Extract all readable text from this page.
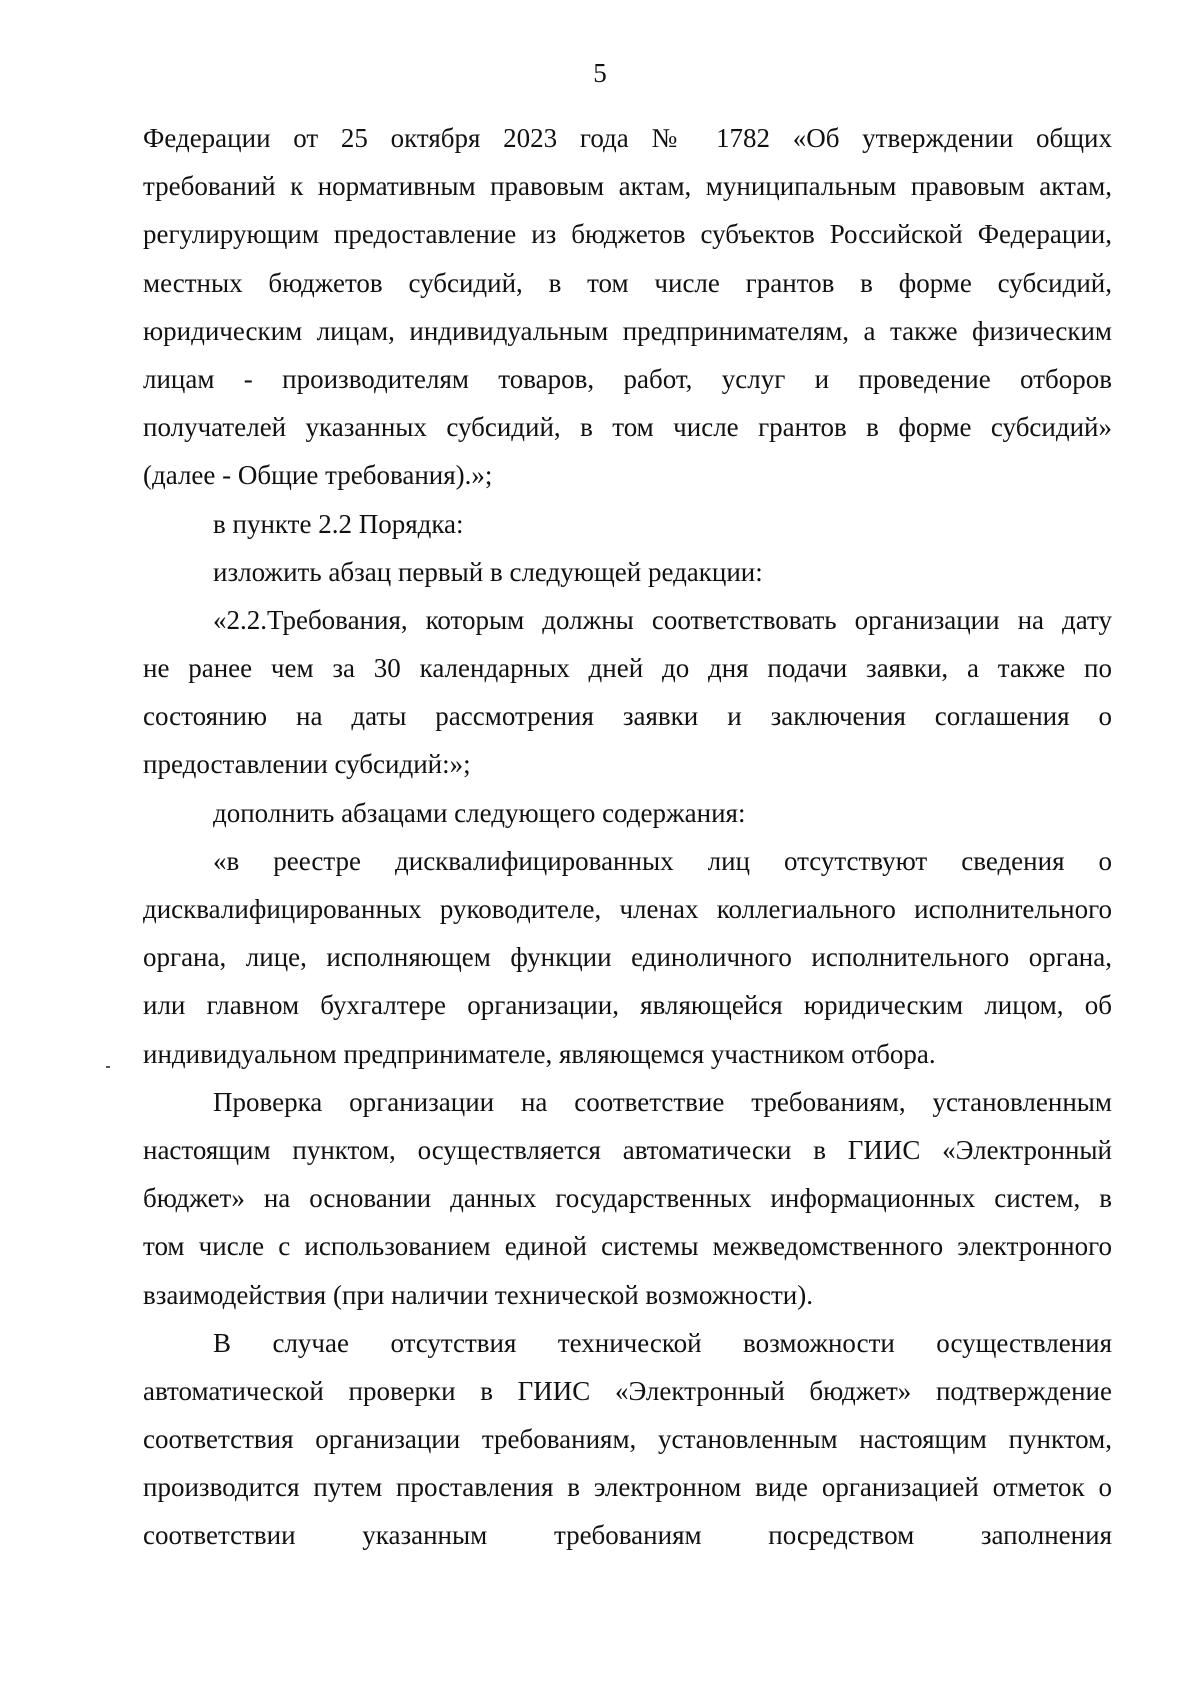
5
Федерации от 25 октября 2023 года № 1782 «Об утверждении общих
требований к нормативным правовым актам, муниципальным правовым актам,
регулирующим предоставление из бюджетов субъектов Российской Федерации,
местных бюджетов субсидий, в том числе грантов в форме субсидий,
юридическим лицам, индивидуальным предпринимателям, а также физическим
лицам - производителям товаров, работ, услуг и проведение отборов
получателей указанных субсидий, в том числе грантов в форме субсидий»
(далее - Общие требования).»;
в пункте 2.2 Порядка:
изложить абзац первый в следующей редакции:
«2.2.Требования, которым должны соответствовать организации на дату
не ранее чем за 30 календарных дней до дня подачи заявки, а также по
состоянию на даты рассмотрения заявки и заключения соглашения о
предоставлении субсидий:»;
дополнить абзацами следующего содержания:
«в реестре дисквалифицированных лиц отсутствуют сведения о
дисквалифицированных руководителе, членах коллегиального исполнительного
органа, лице, исполняющем функции единоличного исполнительного органа,
или главном бухгалтере организации, являющейся юридическим лицом, об
индивидуальном предпринимателе, являющемся участником отбора.
Проверка организации на соответствие требованиям, установленным
настоящим пунктом, осуществляется автоматически в ГИИС «Электронный
бюджет» на основании данных государственных информационных систем, в
том числе с использованием единой системы межведомственного электронного
взаимодействия (при наличии технической возможности).
В случае отсутствия технической возможности осуществления
автоматической проверки в ГИИС «Электронный бюджет» подтверждение
соответствия организации требованиям, установленным настоящим пунктом,
производится путем проставления в электронном виде организацией отметок о
соответствии указанным требованиям посредством заполнения
